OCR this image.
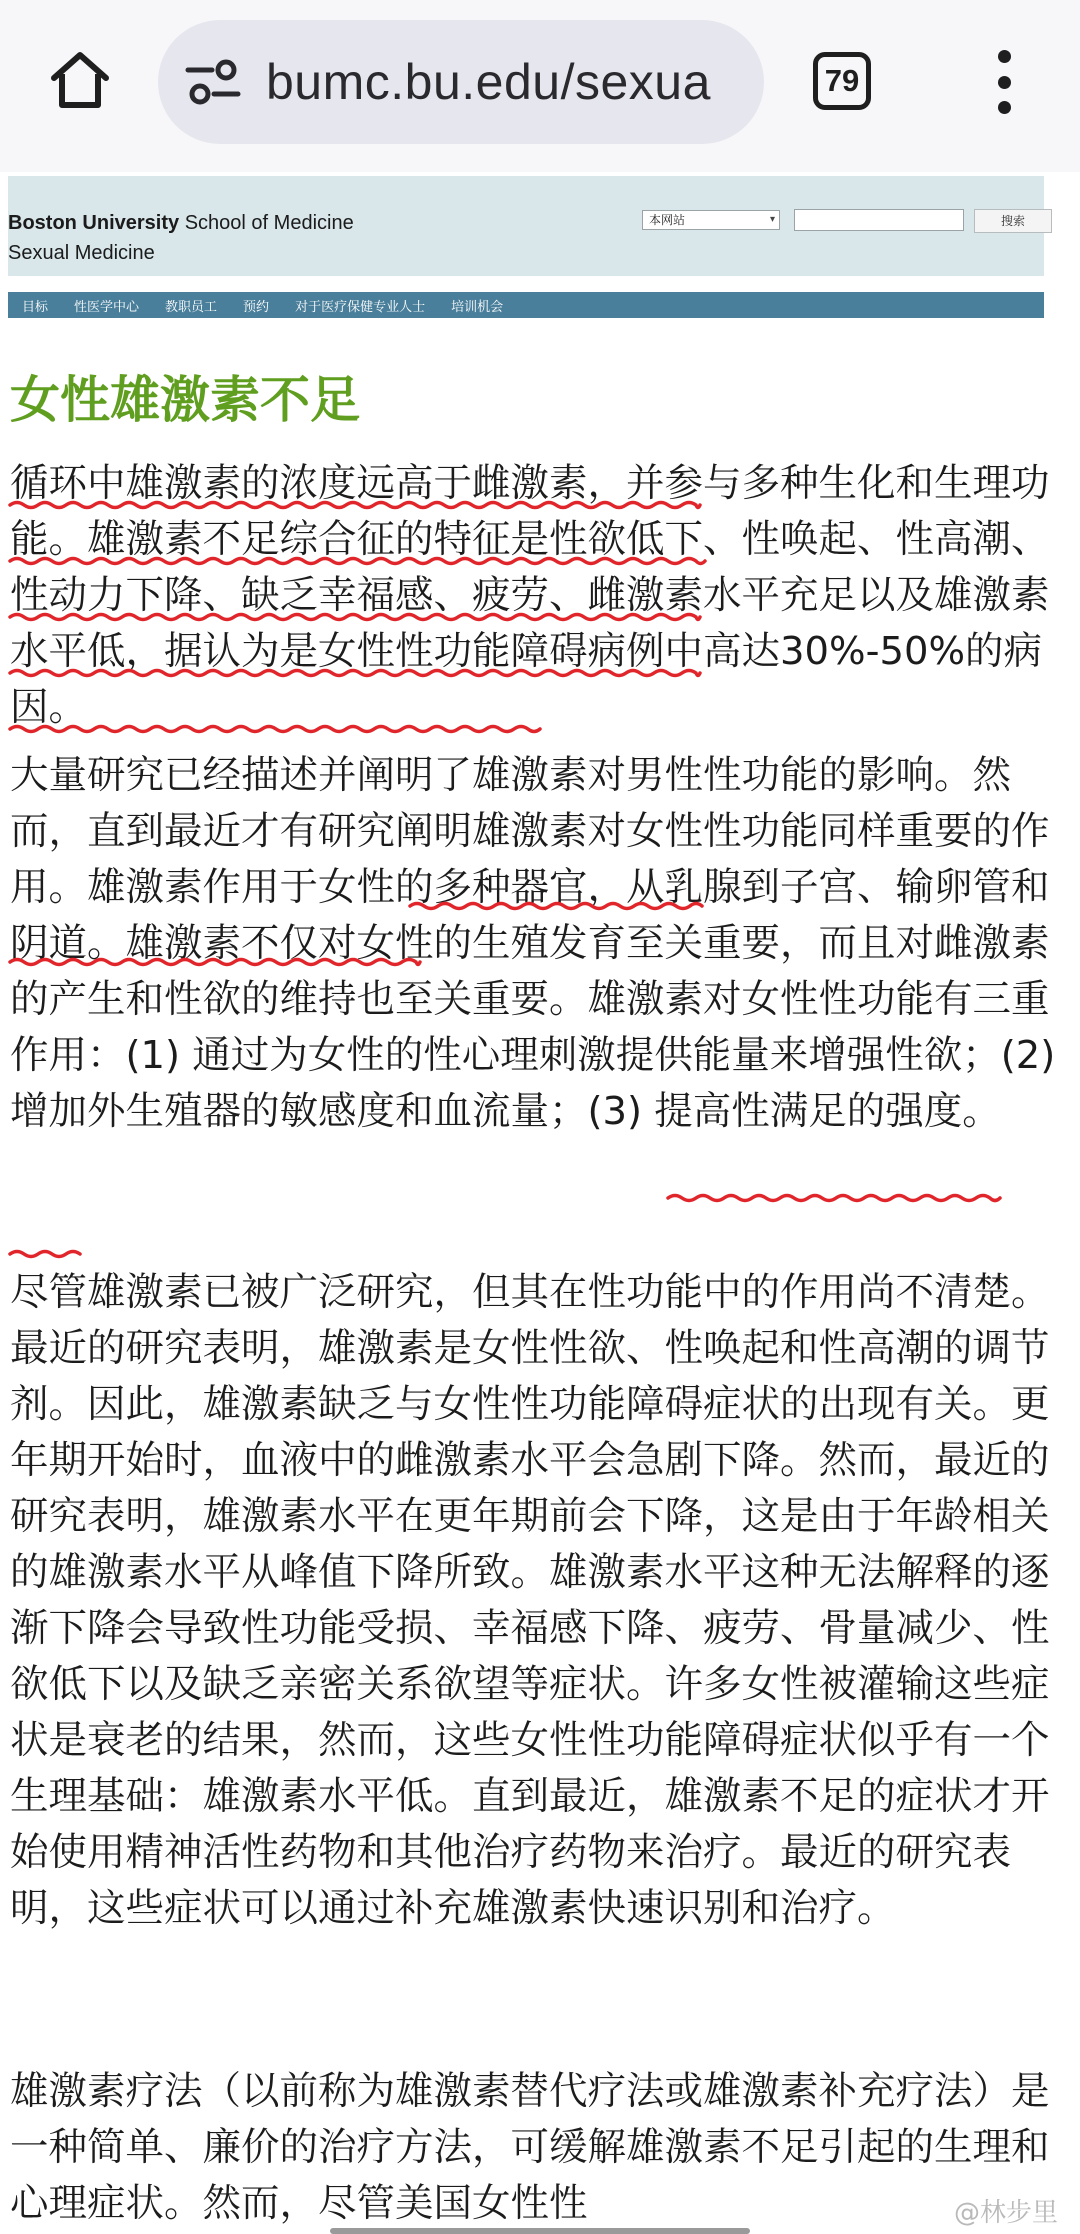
bumc.bu.edu/sexua	79
Boston University School of Medicine
Sexual Medicine
本网站	▾	搜索
目标 性医学中心 教职员工 预约 对于医疗保健专业人士 培训机会
女性雄激素不足

循环中雄激素的浓度远高于雌激素，并参与多种生化和生理功能。雄激素不足综合征的特征是性欲低下、性唤起、性高潮、性动力下降、缺乏幸福感、疲劳、雌激素水平充足以及雄激素水平低，据认为是女性性功能障碍病例中高达30%-50%的病因。

大量研究已经描述并阐明了雄激素对男性性功能的影响。然而，直到最近才有研究阐明雄激素对女性性功能同样重要的作用。雄激素作用于女性的多种器官，从乳腺到子宫、输卵管和阴道。雄激素不仅对女性的生殖发育至关重要，而且对雌激素的产生和性欲的维持也至关重要。雄激素对女性性功能有三重作用：(1) 通过为女性的性心理刺激提供能量来增强性欲；(2) 增加外生殖器的敏感度和血流量；(3) 提高性满足的强度。

尽管雄激素已被广泛研究，但其在性功能中的作用尚不清楚。最近的研究表明，雄激素是女性性欲、性唤起和性高潮的调节剂。因此，雄激素缺乏与女性性功能障碍症状的出现有关。更年期开始时，血液中的雌激素水平会急剧下降。然而，最近的研究表明，雄激素水平在更年期前会下降，这是由于年龄相关的雄激素水平从峰值下降所致。雄激素水平这种无法解释的逐渐下降会导致性功能受损、幸福感下降、疲劳、骨量减少、性欲低下以及缺乏亲密关系欲望等症状。许多女性被灌输这些症状是衰老的结果，然而，这些女性性功能障碍症状似乎有一个生理基础：雄激素水平低。直到最近，雄激素不足的症状才开始使用精神活性药物和其他治疗药物来治疗。最近的研究表明，这些症状可以通过补充雄激素快速识别和治疗。

雄激素疗法（以前称为雄激素替代疗法或雄激素补充疗法）是一种简单、廉价的治疗方法，可缓解雄激素不足引起的生理和心理症状。然而，尽管美国女性性	@林步里
